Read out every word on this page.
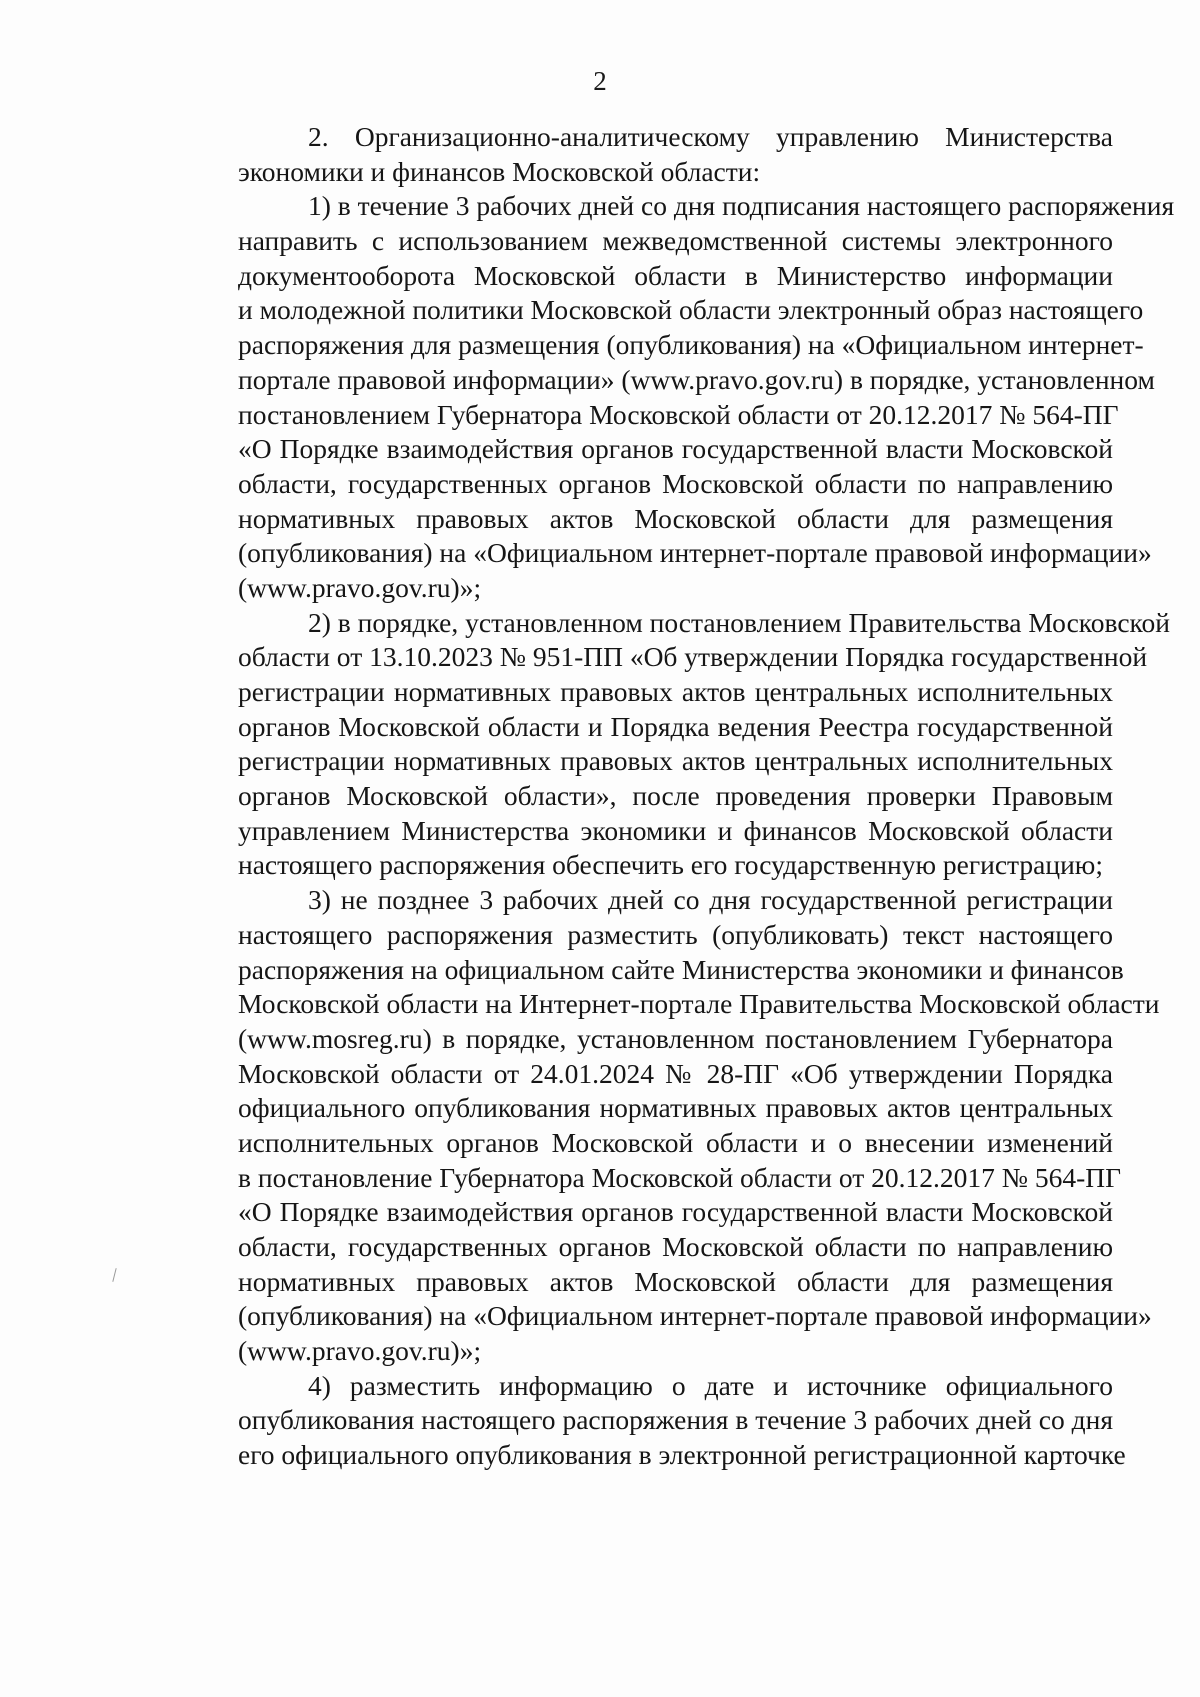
2
2. Организационно-аналитическому управлению Министерства
экономики и финансов Московской области:
1) в течение 3 рабочих дней со дня подписания настоящего распоряжения
направить с использованием межведомственной системы электронного
документооборота Московской области в Министерство информации
и молодежной политики Московской области электронный образ настоящего
распоряжения для размещения (опубликования) на «Официальном интернет-
портале правовой информации» (www.pravo.gov.ru) в порядке, установленном
постановлением Губернатора Московской области от 20.12.2017 № 564-ПГ
«О Порядке взаимодействия органов государственной власти Московской
области, государственных органов Московской области по направлению
нормативных правовых актов Московской области для размещения
(опубликования) на «Официальном интернет-портале правовой информации»
(www.pravo.gov.ru)»;
2) в порядке, установленном постановлением Правительства Московской
области от 13.10.2023 № 951-ПП «Об утверждении Порядка государственной
регистрации нормативных правовых актов центральных исполнительных
органов Московской области и Порядка ведения Реестра государственной
регистрации нормативных правовых актов центральных исполнительных
органов Московской области», после проведения проверки Правовым
управлением Министерства экономики и финансов Московской области
настоящего распоряжения обеспечить его государственную регистрацию;
3) не позднее 3 рабочих дней со дня государственной регистрации
настоящего распоряжения разместить (опубликовать) текст настоящего
распоряжения на официальном сайте Министерства экономики и финансов
Московской области на Интернет-портале Правительства Московской области
(www.mosreg.ru) в порядке, установленном постановлением Губернатора
Московской области от 24.01.2024 № 28-ПГ «Об утверждении Порядка
официального опубликования нормативных правовых актов центральных
исполнительных органов Московской области и о внесении изменений
в постановление Губернатора Московской области от 20.12.2017 № 564-ПГ
«О Порядке взаимодействия органов государственной власти Московской
области, государственных органов Московской области по направлению
нормативных правовых актов Московской области для размещения
(опубликования) на «Официальном интернет-портале правовой информации»
(www.pravo.gov.ru)»;
4) разместить информацию о дате и источнике официального
опубликования настоящего распоряжения в течение 3 рабочих дней со дня
его официального опубликования в электронной регистрационной карточке
